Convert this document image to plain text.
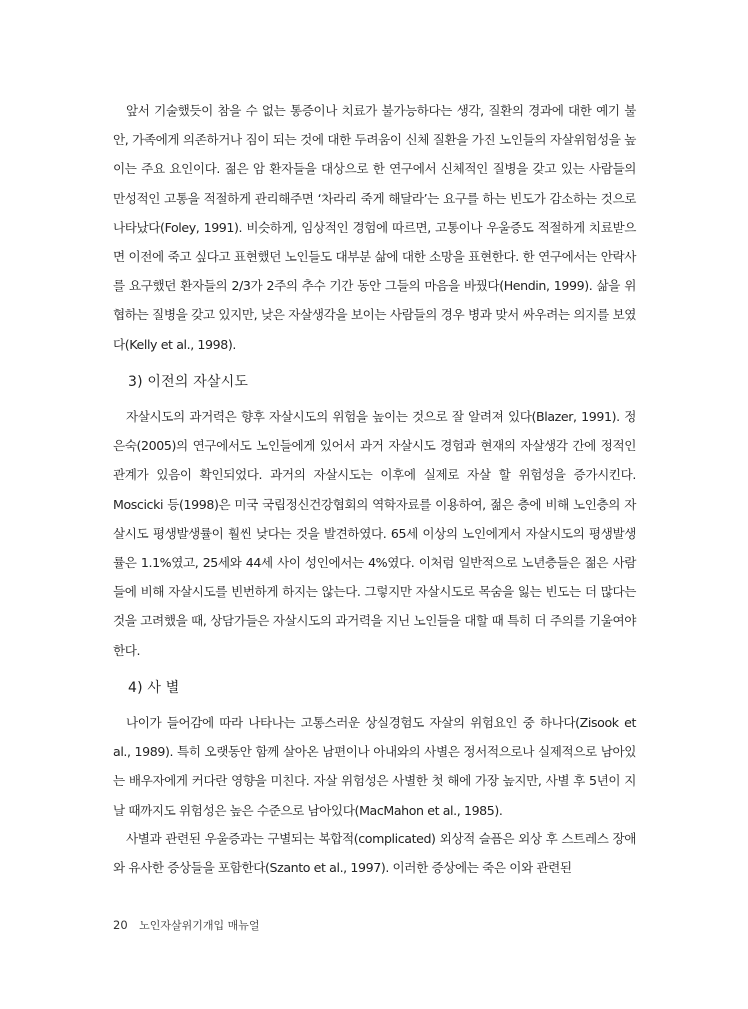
앞서 기술했듯이 참을 수 없는 통증이나 치료가 불가능하다는 생각, 질환의 경과에 대한 예기 불안, 가족에게 의존하거나 짐이 되는 것에 대한 두려움이 신체 질환을 가진 노인들의 자살위험성을 높이는 주요 요인이다. 젊은 암 환자들을 대상으로 한 연구에서 신체적인 질병을 갖고 있는 사람들의 만성적인 고통을 적절하게 관리해주면 ‘차라리 죽게 해달라’는 요구를 하는 빈도가 감소하는 것으로 나타났다(Foley, 1991). 비슷하게, 임상적인 경험에 따르면, 고통이나 우울증도 적절하게 치료받으면 이전에 죽고 싶다고 표현했던 노인들도 대부분 삶에 대한 소망을 표현한다. 한 연구에서는 안락사를 요구했던 환자들의 2/3가 2주의 추수 기간 동안 그들의 마음을 바꿨다(Hendin, 1999). 삶을 위협하는 질병을 갖고 있지만, 낮은 자살생각을 보이는 사람들의 경우 병과 맞서 싸우려는 의지를 보였다(Kelly et al., 1998).

3) 이전의 자살시도

자살시도의 과거력은 향후 자살시도의 위험을 높이는 것으로 잘 알려져 있다(Blazer, 1991). 정은숙(2005)의 연구에서도 노인들에게 있어서 과거 자살시도 경험과 현재의 자살생각 간에 정적인 관계가 있음이 확인되었다. 과거의 자살시도는 이후에 실제로 자살 할 위험성을 증가시킨다. Moscicki 등(1998)은 미국 국립정신건강협회의 역학자료를 이용하여, 젊은 층에 비해 노인층의 자살시도 평생발생률이 훨씬 낮다는 것을 발견하였다. 65세 이상의 노인에게서 자살시도의 평생발생률은 1.1%였고, 25세와 44세 사이 성인에서는 4%였다. 이처럼 일반적으로 노년층들은 젊은 사람들에 비해 자살시도를 빈번하게 하지는 않는다. 그렇지만 자살시도로 목숨을 잃는 빈도는 더 많다는 것을 고려했을 때, 상담가들은 자살시도의 과거력을 지닌 노인들을 대할 때 특히 더 주의를 기울여야 한다.

4) 사 별

나이가 들어감에 따라 나타나는 고통스러운 상실경험도 자살의 위험요인 중 하나다(Zisook et al., 1989). 특히 오랫동안 함께 살아온 남편이나 아내와의 사별은 정서적으로나 실제적으로 남아있는 배우자에게 커다란 영향을 미친다. 자살 위험성은 사별한 첫 해에 가장 높지만, 사별 후 5년이 지날 때까지도 위험성은 높은 수준으로 남아있다(MacMahon et al., 1985).

사별과 관련된 우울증과는 구별되는 복합적(complicated) 외상적 슬픔은 외상 후 스트레스 장애와 유사한 증상들을 포함한다(Szanto et al., 1997). 이러한 증상에는 죽은 이와 관련된

20 노인자살위기개입 매뉴얼
